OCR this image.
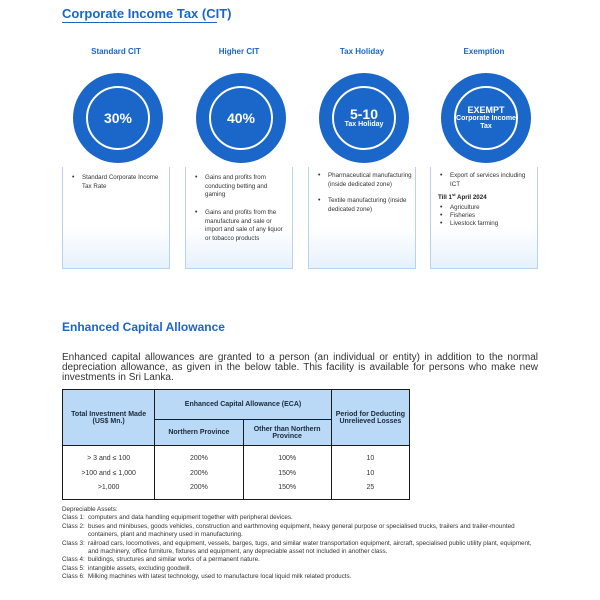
Corporate Income Tax (CIT)
Standard CIT
30%
•	Standard Corporate Income Tax Rate
Higher CIT
40%
•	Gains and profits from conducting betting and gaming
•	Gains and profits from the manufacture and sale or import and sale of any liquor or tobacco products
Tax Holiday
5-10
Tax Holiday
•	Pharmaceutical manufacturing (inside dedicated zone)
•	Textile manufacturing (inside dedicated zone)
Exemption
EXEMPT
Corporate Income Tax
•	Export of services including ICT
Till 1st April 2024
•	Agriculture
•	Fisheries
•	Livestock farming
Enhanced Capital Allowance
Enhanced capital allowances are granted to a person (an individual or entity) in addition to the normal depreciation allowance, as given in the below table. This facility is available for persons who make new investments in Sri Lanka.
Total Investment Made (US$ Mn.)	Enhanced Capital Allowance (ECA)		Period for Deducting Unrelieved Losses
	Northern Province	Other than Northern Province	
> 3 and ≤ 100	200%	100%	10
>100 and ≤ 1,000	200%	150%	10
>1,000	200%	150%	25
Depreciable Assets:
Class 1: computers and data handling equipment together with peripheral devices.
Class 2: buses and minibuses, goods vehicles, construction and earthmoving equipment, heavy general purpose or specialised trucks, trailers and trailer-mounted containers, plant and machinery used in manufacturing.
Class 3: railroad cars, locomotives, and equipment, vessels, barges, tugs, and similar water transportation equipment, aircraft, specialised public utility plant, equipment, and machinery, office furniture, fixtures and equipment, any depreciable asset not included in another class.
Class 4: buildings, structures and similar works of a permanent nature.
Class 5: intangible assets, excluding goodwill.
Class 6: Milking machines with latest technology, used to manufacture local liquid milk related products.
